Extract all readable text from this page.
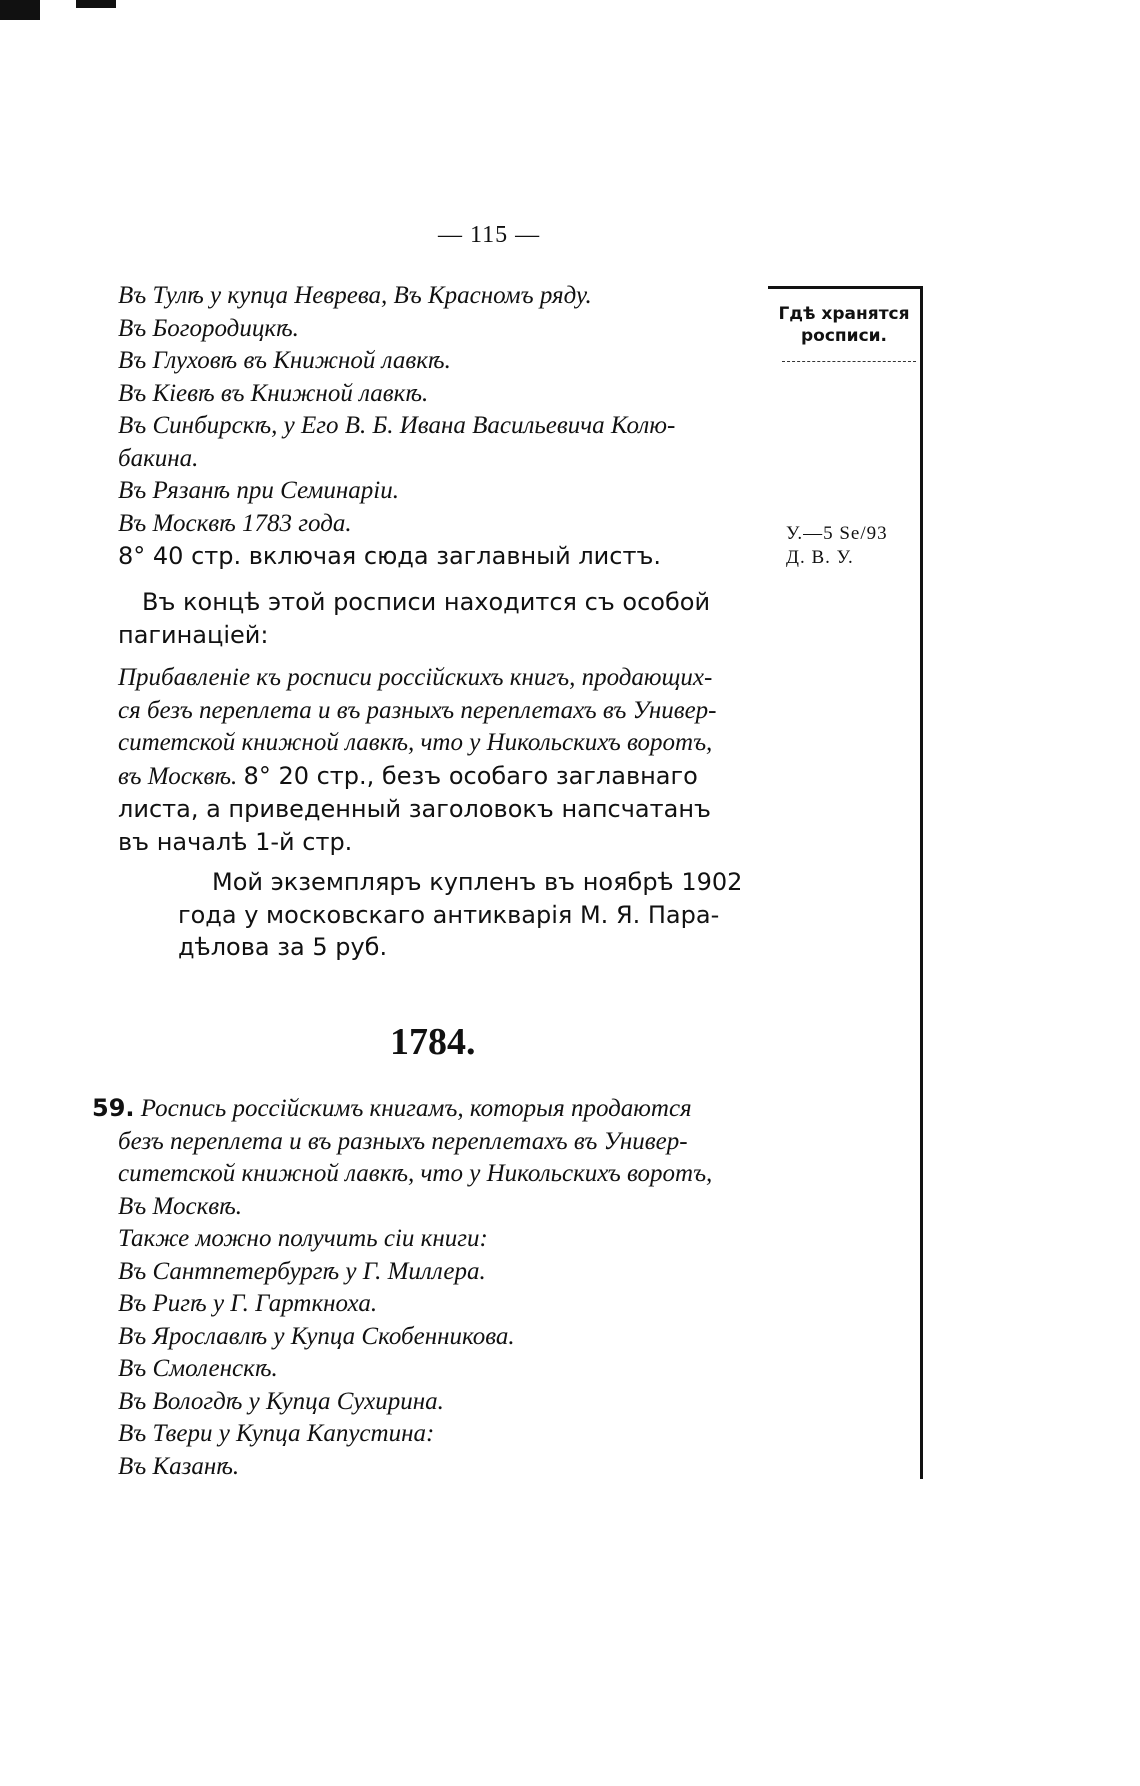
— 115 —
Въ Тулѣ у купца Неврева, Въ Красномъ ряду.
Въ Богородицкѣ.
Въ Глуховѣ въ Книжной лавкѣ.
Въ Кіевѣ въ Книжной лавкѣ.
Въ Синбирскѣ, у Его В. Б. Ивана Васильевича Колю-
бакина.
Въ Рязанѣ при Семинаріи.
Въ Москвѣ 1783 года.
8° 40 стр. включая сюда заглавный листъ.
Въ концѣ этой росписи находится съ особой
пагинаціей:
Прибавленіе къ росписи россійскихъ книгъ, продающих-
ся безъ переплета и въ разныхъ переплетахъ въ Универ-
ситетской книжной лавкѣ, что у Никольскихъ воротъ,
въ Москвѣ. 8° 20 стр., безъ особаго заглавнаго
листа, а приведенный заголовокъ напсчатанъ
въ началѣ 1-й стр.
Мой экземпляръ купленъ въ ноябрѣ 1902
года у московскаго антикварія М. Я. Пара-
дѣлова за 5 руб.
1784.
59. Роспись россійскимъ книгамъ, которыя продаются
безъ переплета и въ разныхъ переплетахъ въ Универ-
ситетской книжной лавкѣ, что у Никольскихъ воротъ,
Въ Москвѣ.
Также можно получить сіи книги:
Въ Сантпетербургѣ у Г. Миллера.
Въ Ригѣ у Г. Гарткноха.
Въ Ярославлѣ у Купца Скобенникова.
Въ Смоленскѣ.
Въ Вологдѣ у Купца Сухирина.
Въ Твери у Купца Капустина:
Въ Казанѣ.
Гдѣ хранятся
росписи.
У.—5 Se/93
Д. В. У.
